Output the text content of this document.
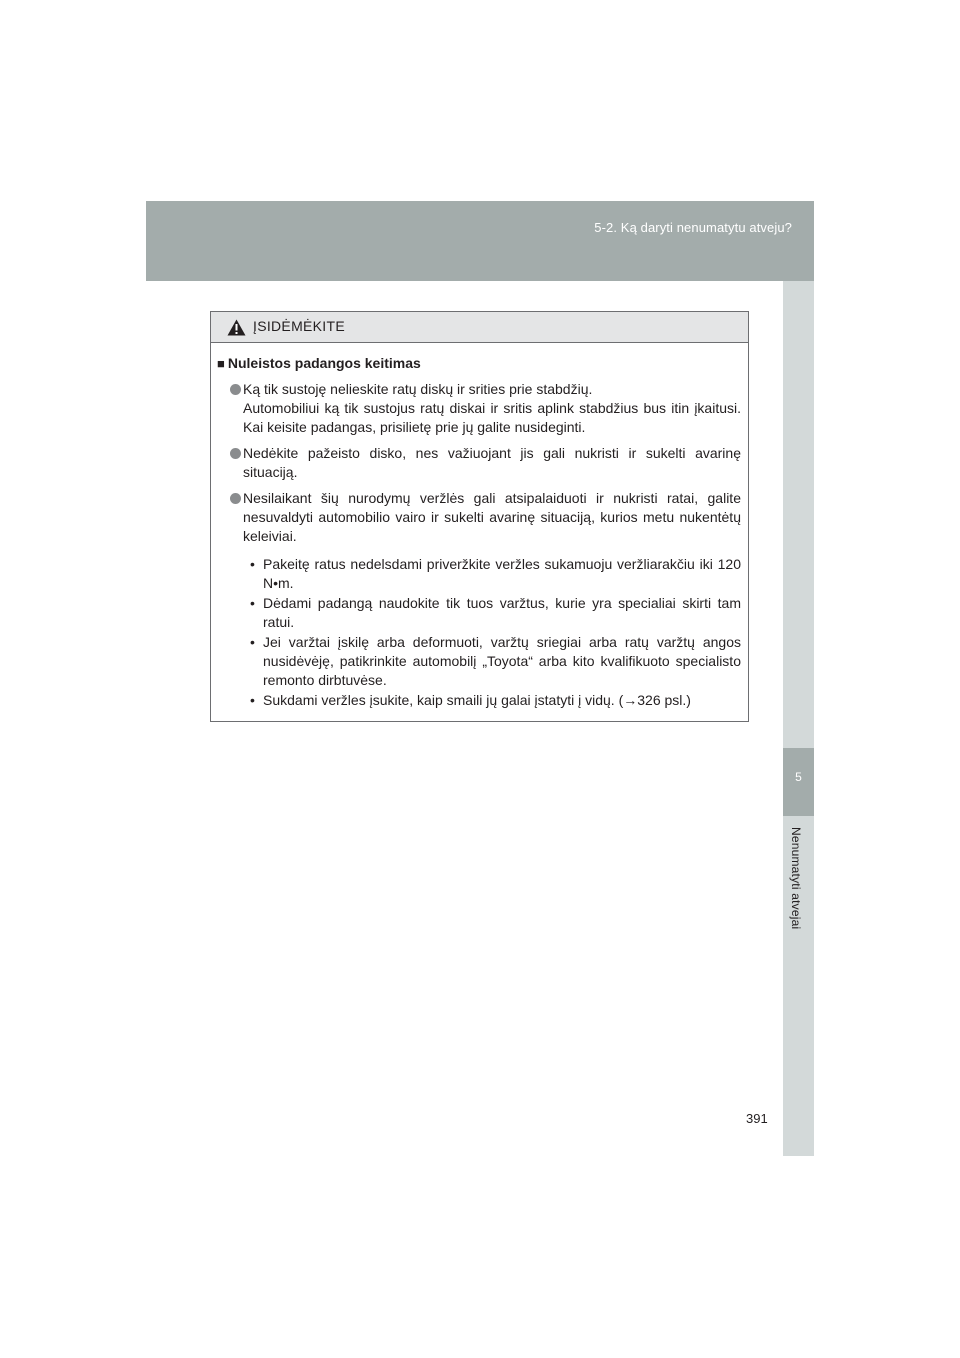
5-2. Ką daryti nenumatytu atveju?
5
Nenumatyti atvejai
ĮSIDĖMĖKITE
■ Nuleistos padangos keitimas

Ką tik sustoję nelieskite ratų diskų ir srities prie stabdžių.

Automobiliui ką tik sustojus ratų diskai ir sritis aplink stabdžius bus itin įkaitusi. Kai keisite padangas, prisilietę prie jų galite nusideginti.

Nedėkite pažeisto disko, nes važiuojant jis gali nukristi ir sukelti avarinę situaciją.

Nesilaikant šių nurodymų veržlės gali atsipalaiduoti ir nukristi ratai, galite nesuvaldyti automobilio vairo ir sukelti avarinę situaciją, kurios metu nukentėtų keleiviai.

• Pakeitę ratus nedelsdami priveržkite veržles sukamuoju veržliarakčiu iki 120 N•m.
• Dėdami padangą naudokite tik tuos varžtus, kurie yra specialiai skirti tam ratui.
• Jei varžtai įskilę arba deformuoti, varžtų sriegiai arba ratų varžtų angos nusidėvėję, patikrinkite automobilį „Toyota“ arba kito kvalifikuoto specialisto remonto dirbtuvėse.
• Sukdami veržles įsukite, kaip smaili jų galai įstatyti į vidų. (→326 psl.)
391
